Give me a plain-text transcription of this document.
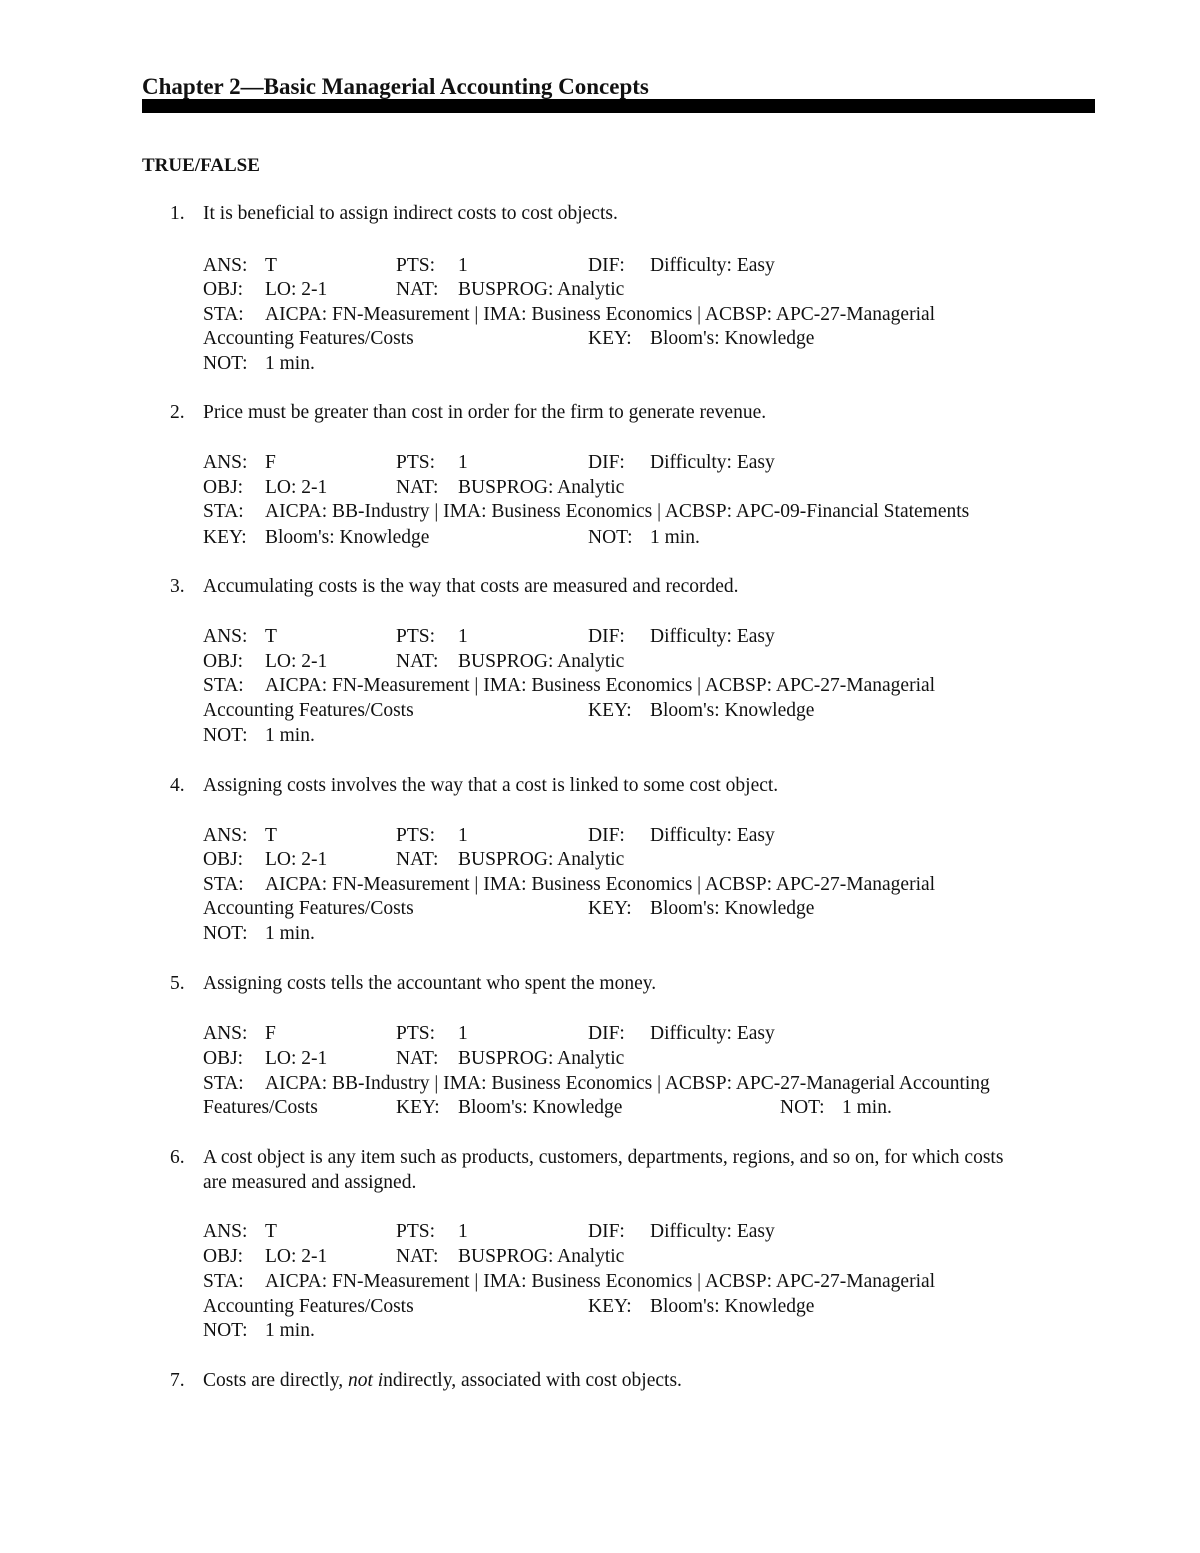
Chapter 2—Basic Managerial Accounting Concepts
TRUE/FALSE
1. It is beneficial to assign indirect costs to cost objects.
ANS: T	PTS: 1	DIF: Difficulty: Easy
OBJ: LO: 2-1	NAT: BUSPROG: Analytic
STA: AICPA: FN-Measurement | IMA: Business Economics | ACBSP: APC-27-Managerial
Accounting Features/Costs	KEY: Bloom's: Knowledge
NOT: 1 min.
2. Price must be greater than cost in order for the firm to generate revenue.
ANS: F	PTS: 1	DIF: Difficulty: Easy
OBJ: LO: 2-1	NAT: BUSPROG: Analytic
STA: AICPA: BB-Industry | IMA: Business Economics | ACBSP: APC-09-Financial Statements
KEY: Bloom's: Knowledge	NOT: 1 min.
3. Accumulating costs is the way that costs are measured and recorded.
ANS: T	PTS: 1	DIF: Difficulty: Easy
OBJ: LO: 2-1	NAT: BUSPROG: Analytic
STA: AICPA: FN-Measurement | IMA: Business Economics | ACBSP: APC-27-Managerial
Accounting Features/Costs	KEY: Bloom's: Knowledge
NOT: 1 min.
4. Assigning costs involves the way that a cost is linked to some cost object.
ANS: T	PTS: 1	DIF: Difficulty: Easy
OBJ: LO: 2-1	NAT: BUSPROG: Analytic
STA: AICPA: FN-Measurement | IMA: Business Economics | ACBSP: APC-27-Managerial
Accounting Features/Costs	KEY: Bloom's: Knowledge
NOT: 1 min.
5. Assigning costs tells the accountant who spent the money.
ANS: F	PTS: 1	DIF: Difficulty: Easy
OBJ: LO: 2-1	NAT: BUSPROG: Analytic
STA: AICPA: BB-Industry | IMA: Business Economics | ACBSP: APC-27-Managerial Accounting
Features/Costs	KEY: Bloom's: Knowledge	NOT: 1 min.
6. A cost object is any item such as products, customers, departments, regions, and so on, for which costs
are measured and assigned.
ANS: T	PTS: 1	DIF: Difficulty: Easy
OBJ: LO: 2-1	NAT: BUSPROG: Analytic
STA: AICPA: FN-Measurement | IMA: Business Economics | ACBSP: APC-27-Managerial
Accounting Features/Costs	KEY: Bloom's: Knowledge
NOT: 1 min.
7. Costs are directly, not indirectly, associated with cost objects.
